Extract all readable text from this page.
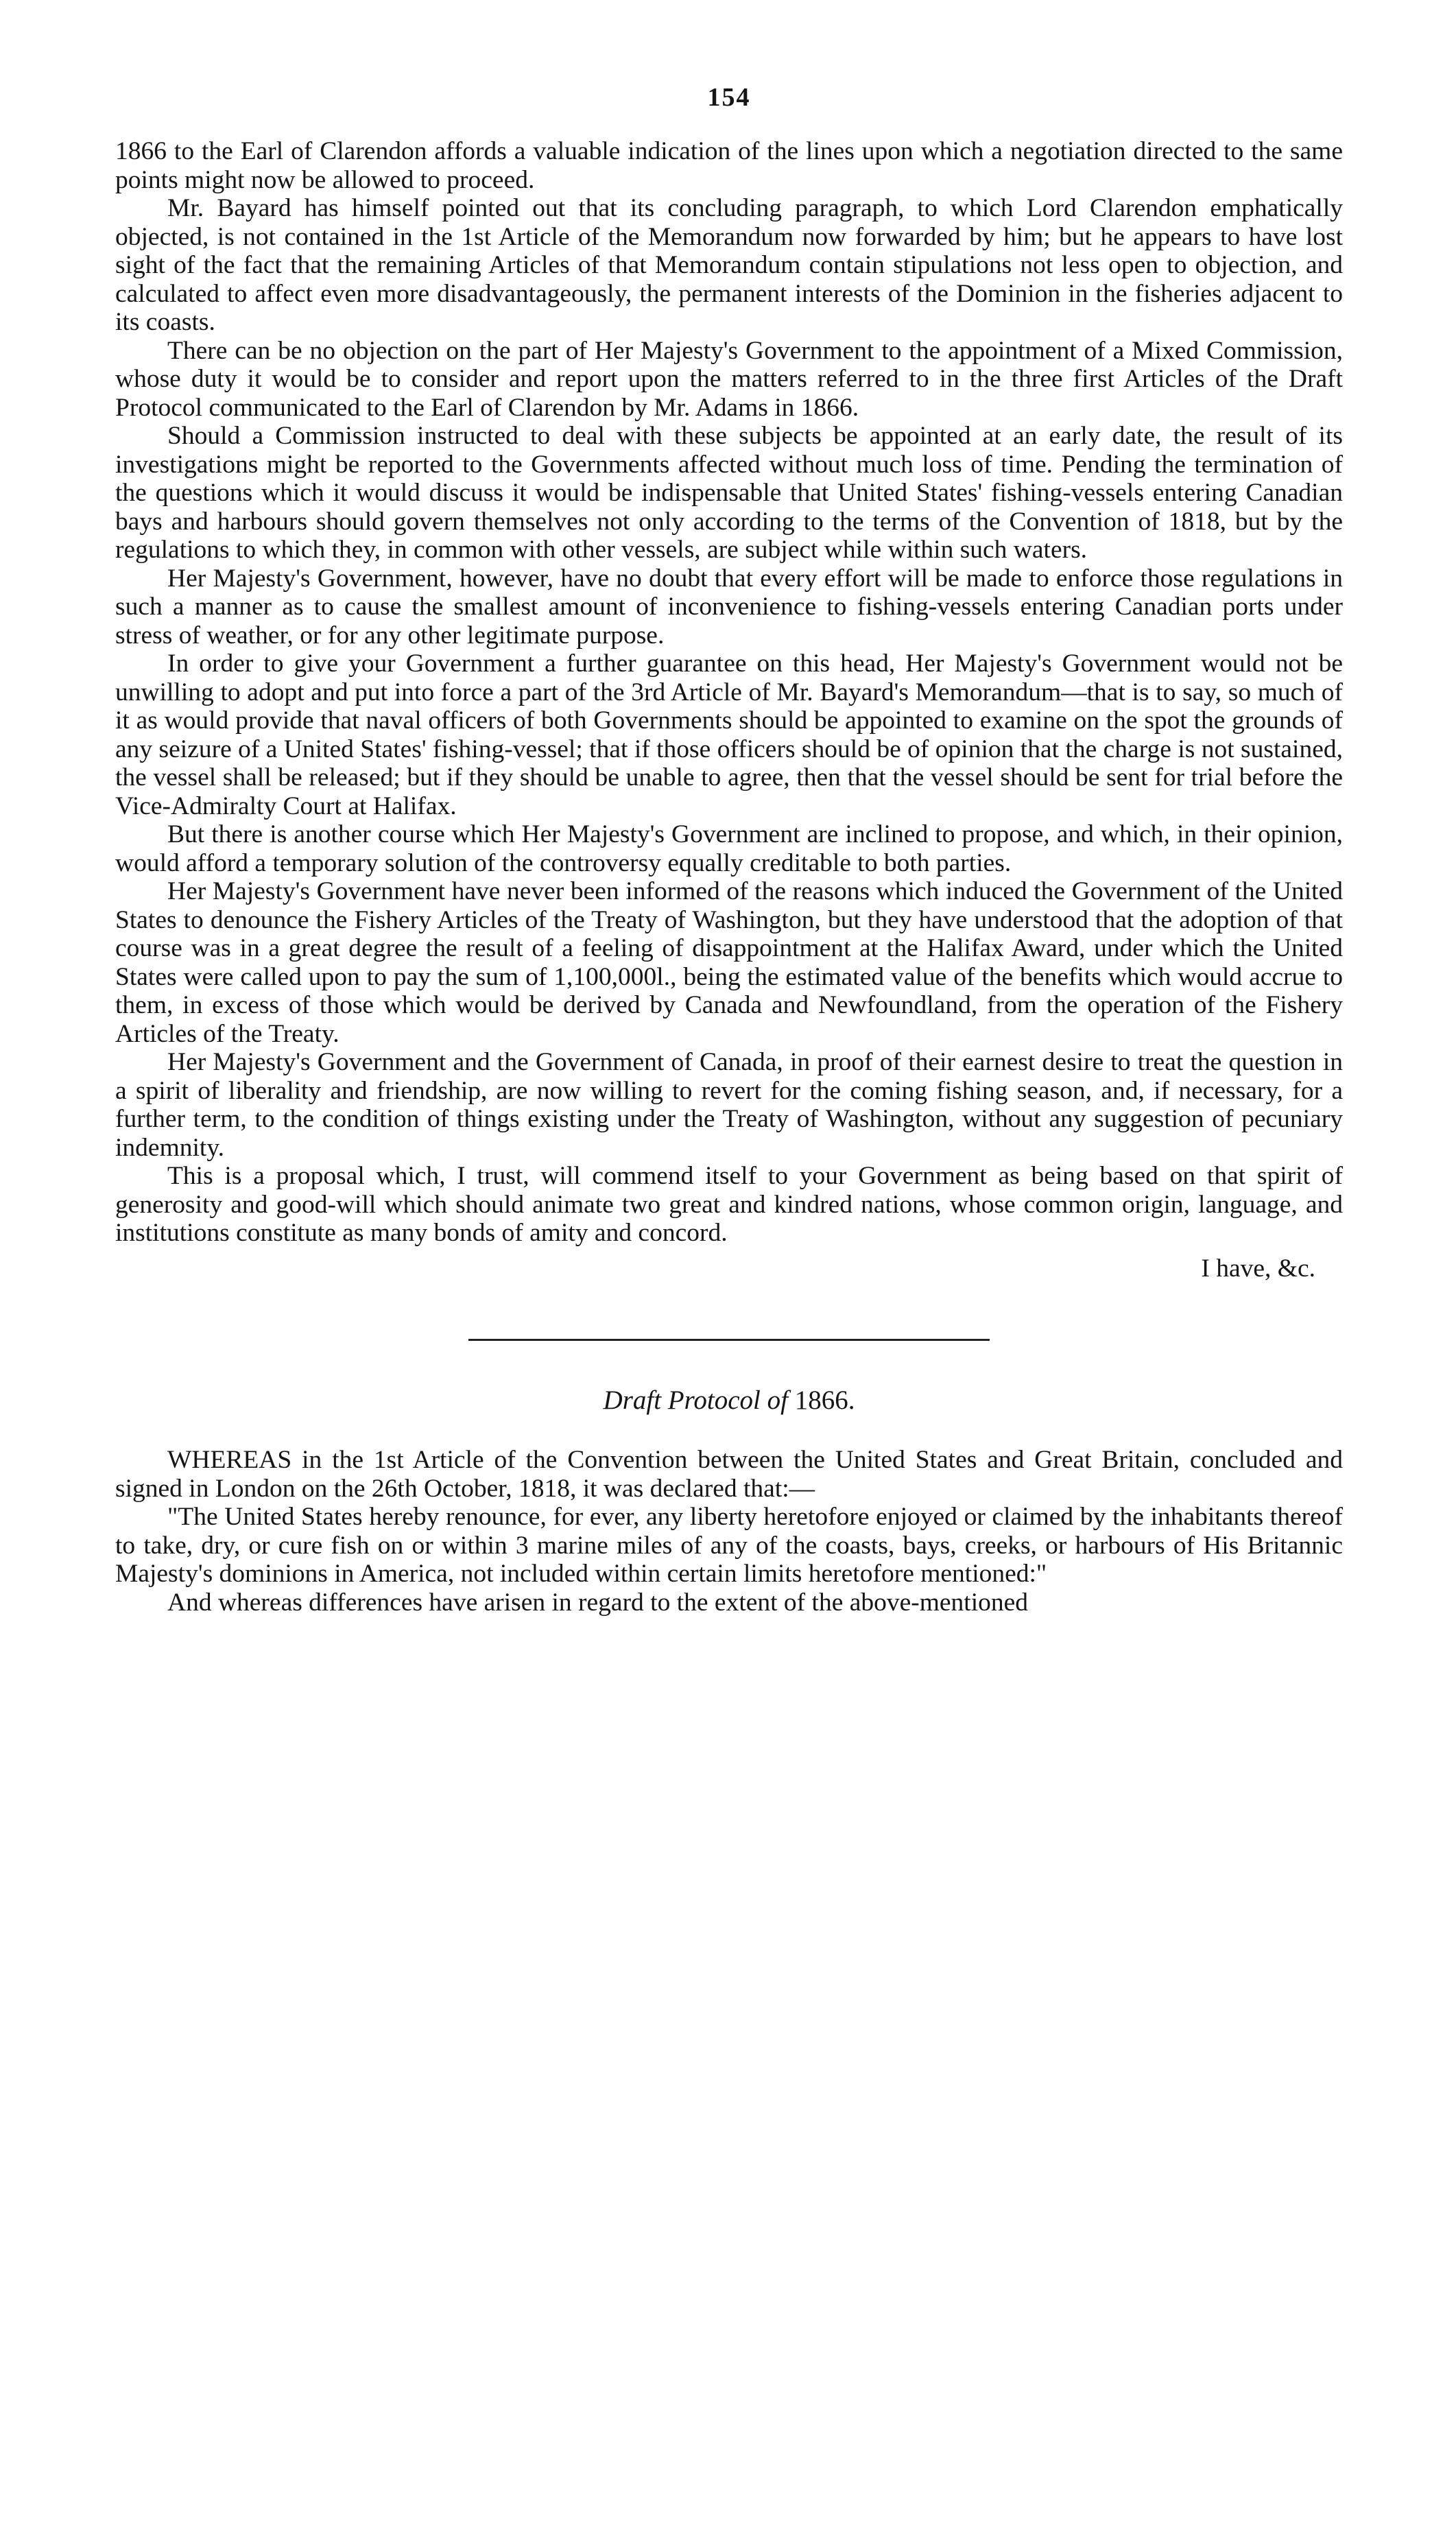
154

1866 to the Earl of Clarendon affords a valuable indication of the lines upon which a negotiation directed to the same points might now be allowed to proceed.

Mr. Bayard has himself pointed out that its concluding paragraph, to which Lord Clarendon emphatically objected, is not contained in the 1st Article of the Memorandum now forwarded by him; but he appears to have lost sight of the fact that the remaining Articles of that Memorandum contain stipulations not less open to objection, and calculated to affect even more disadvantageously, the permanent interests of the Dominion in the fisheries adjacent to its coasts.

There can be no objection on the part of Her Majesty's Government to the appointment of a Mixed Commission, whose duty it would be to consider and report upon the matters referred to in the three first Articles of the Draft Protocol communicated to the Earl of Clarendon by Mr. Adams in 1866.

Should a Commission instructed to deal with these subjects be appointed at an early date, the result of its investigations might be reported to the Governments affected without much loss of time. Pending the termination of the questions which it would discuss it would be indispensable that United States' fishing-vessels entering Canadian bays and harbours should govern themselves not only according to the terms of the Convention of 1818, but by the regulations to which they, in common with other vessels, are subject while within such waters.

Her Majesty's Government, however, have no doubt that every effort will be made to enforce those regulations in such a manner as to cause the smallest amount of inconvenience to fishing-vessels entering Canadian ports under stress of weather, or for any other legitimate purpose.

In order to give your Government a further guarantee on this head, Her Majesty's Government would not be unwilling to adopt and put into force a part of the 3rd Article of Mr. Bayard's Memorandum—that is to say, so much of it as would provide that naval officers of both Governments should be appointed to examine on the spot the grounds of any seizure of a United States' fishing-vessel; that if those officers should be of opinion that the charge is not sustained, the vessel shall be released; but if they should be unable to agree, then that the vessel should be sent for trial before the Vice-Admiralty Court at Halifax.

But there is another course which Her Majesty's Government are inclined to propose, and which, in their opinion, would afford a temporary solution of the controversy equally creditable to both parties.

Her Majesty's Government have never been informed of the reasons which induced the Government of the United States to denounce the Fishery Articles of the Treaty of Washington, but they have understood that the adoption of that course was in a great degree the result of a feeling of disappointment at the Halifax Award, under which the United States were called upon to pay the sum of 1,100,000l., being the estimated value of the benefits which would accrue to them, in excess of those which would be derived by Canada and Newfoundland, from the operation of the Fishery Articles of the Treaty.

Her Majesty's Government and the Government of Canada, in proof of their earnest desire to treat the question in a spirit of liberality and friendship, are now willing to revert for the coming fishing season, and, if necessary, for a further term, to the condition of things existing under the Treaty of Washington, without any suggestion of pecuniary indemnity.

This is a proposal which, I trust, will commend itself to your Government as being based on that spirit of generosity and good-will which should animate two great and kindred nations, whose common origin, language, and institutions constitute as many bonds of amity and concord.

I have, &c.
Draft Protocol of 1866.

WHEREAS in the 1st Article of the Convention between the United States and Great Britain, concluded and signed in London on the 26th October, 1818, it was declared that:—

"The United States hereby renounce, for ever, any liberty heretofore enjoyed or claimed by the inhabitants thereof to take, dry, or cure fish on or within 3 marine miles of any of the coasts, bays, creeks, or harbours of His Britannic Majesty's dominions in America, not included within certain limits heretofore mentioned:"

And whereas differences have arisen in regard to the extent of the above-mentioned
